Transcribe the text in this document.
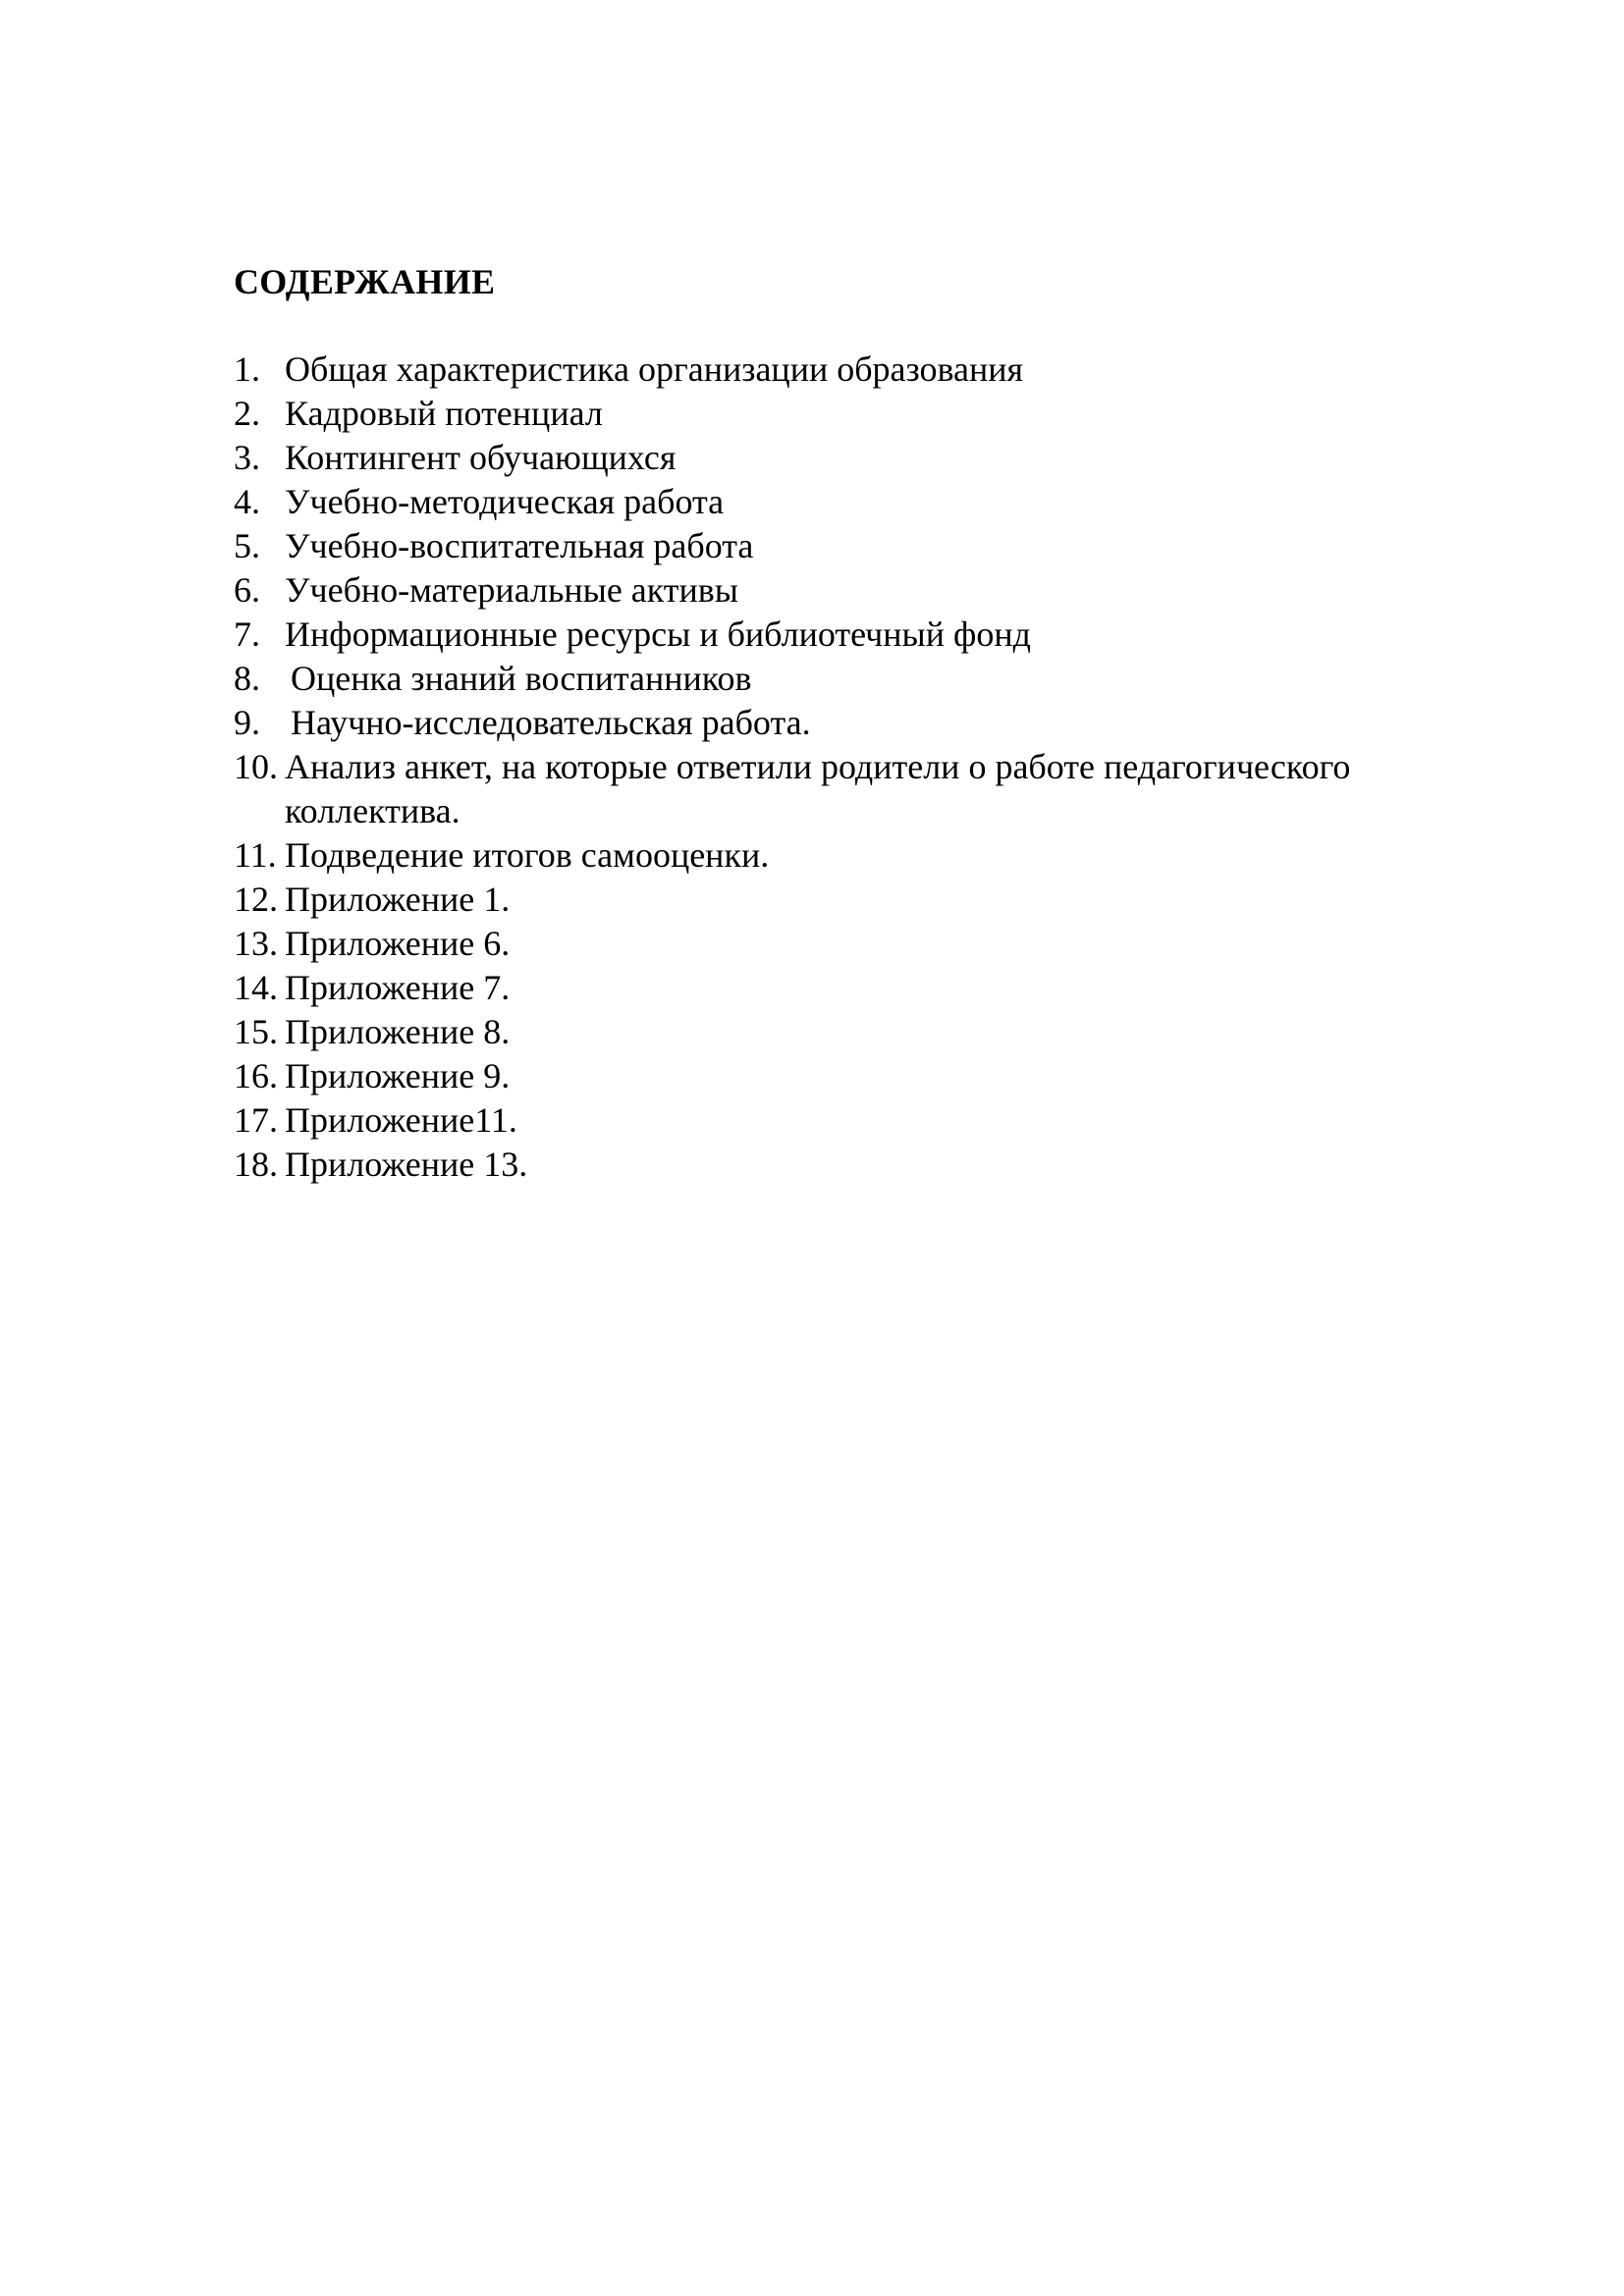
СОДЕРЖАНИЕ
1. Общая характеристика организации образования
2. Кадровый потенциал
3. Контингент обучающихся
4. Учебно-методическая работа
5. Учебно-воспитательная работа
6. Учебно-материальные активы
7. Информационные ресурсы и библиотечный фонд
8. Оценка знаний воспитанников
9. Научно-исследовательская работа.
10. Анализ анкет, на которые ответили родители о работе педагогического
коллектива.
11. Подведение итогов самооценки.
12. Приложение 1.
13. Приложение 6.
14. Приложение 7.
15. Приложение 8.
16. Приложение 9.
17. Приложение11.
18. Приложение 13.
